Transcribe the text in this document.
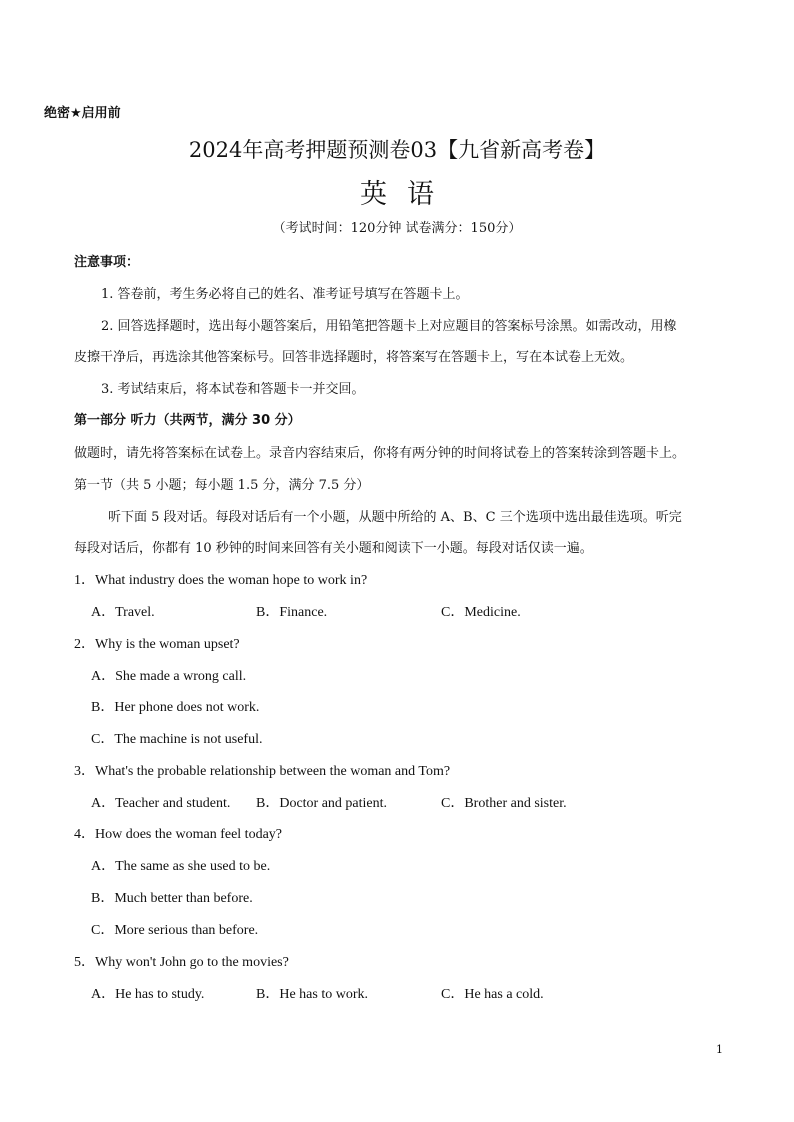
绝密★启用前
2024年高考押题预测卷03【九省新高考卷】
英语
（考试时间：120分钟 试卷满分：150分）
注意事项：
1. 答卷前，考生务必将自己的姓名、准考证号填写在答题卡上。
2. 回答选择题时，选出每小题答案后，用铅笔把答题卡上对应题目的答案标号涂黑。如需改动，用橡
皮擦干净后，再选涂其他答案标号。回答非选择题时，将答案写在答题卡上，写在本试卷上无效。
3. 考试结束后，将本试卷和答题卡一并交回。
第一部分 听力（共两节，满分 30 分）
做题时，请先将答案标在试卷上。录音内容结束后，你将有两分钟的时间将试卷上的答案转涂到答题卡上。
第一节（共 5 小题；每小题 1.5 分，满分 7.5 分）
听下面 5 段对话。每段对话后有一个小题，从题中所给的 A、B、C 三个选项中选出最佳选项。听完
每段对话后，你都有 10 秒钟的时间来回答有关小题和阅读下一小题。每段对话仅读一遍。
1．What industry does the woman hope to work in?
A．Travel.	B．Finance.	C．Medicine.
2．Why is the woman upset?
A．She made a wrong call.
B．Her phone does not work.
C．The machine is not useful.
3．What's the probable relationship between the woman and Tom?
A．Teacher and student. B．Doctor and patient.	C．Brother and sister.
4．How does the woman feel today?
A．The same as she used to be.
B．Much better than before.
C．More serious than before.
5．Why won't John go to the movies?
A．He has to study.	B．He has to work.	C．He has a cold.
1
